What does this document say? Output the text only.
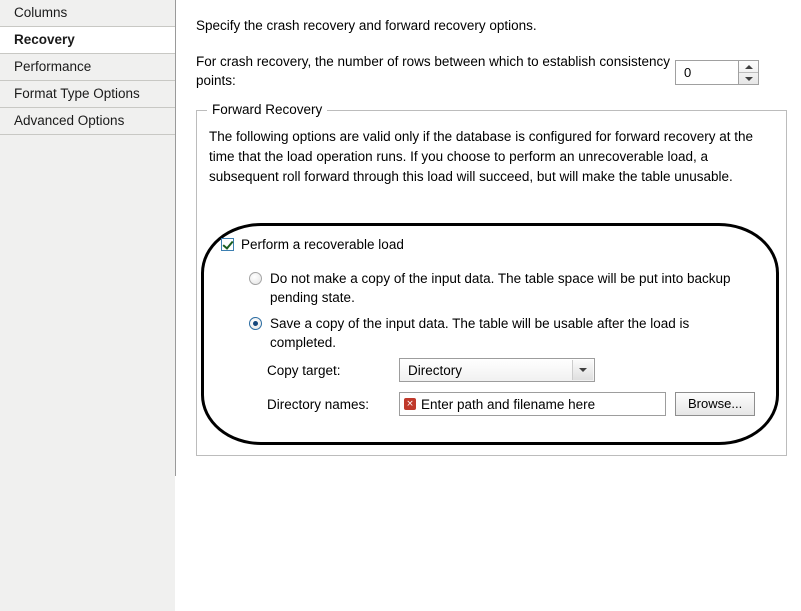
Columns
Recovery
Performance
Format Type Options
Advanced Options
Specify the crash recovery and forward recovery options.
For crash recovery, the number of rows between which to establish consistency points:
0
Forward Recovery
The following options are valid only if the database is configured for forward recovery at the time that the load operation runs. If you choose to perform an unrecoverable load, a subsequent roll forward through this load will succeed, but will make the table unusable.
Perform a recoverable load
Do not make a copy of the input data. The table space will be put into backup pending state.
Save a copy of the input data. The table will be usable after the load is completed.
Copy target:	Directory
Directory names:	× Enter path and filename here	Browse...
